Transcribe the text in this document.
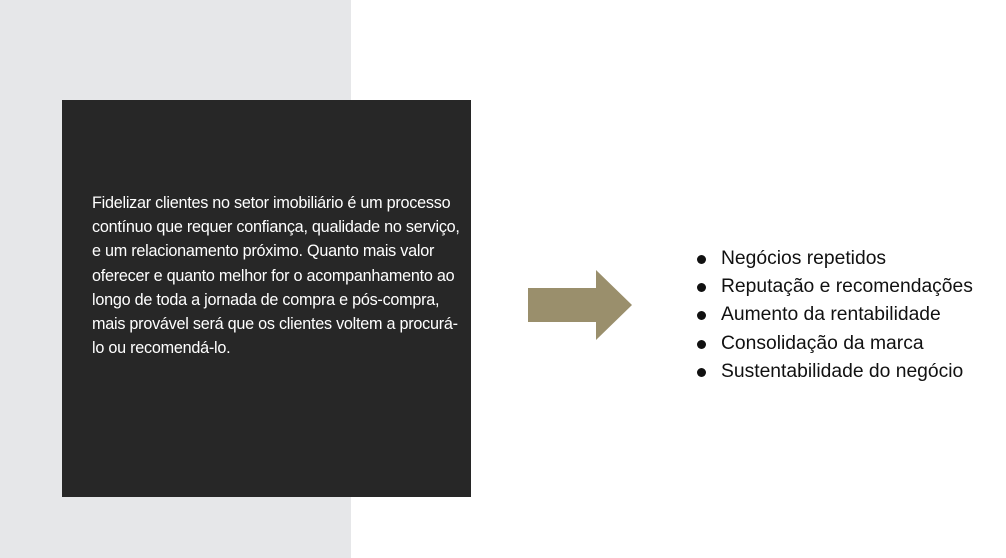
Fidelizar clientes no setor imobiliário é um processo contínuo que requer confiança, qualidade no serviço, e um relacionamento próximo. Quanto mais valor oferecer e quanto melhor for o acompanhamento ao longo de toda a jornada de compra e pós-compra, mais provável será que os clientes voltem a procurá-lo ou recomendá-lo.

Negócios repetidos
Reputação e recomendações
Aumento da rentabilidade
Consolidação da marca
Sustentabilidade do negócio
